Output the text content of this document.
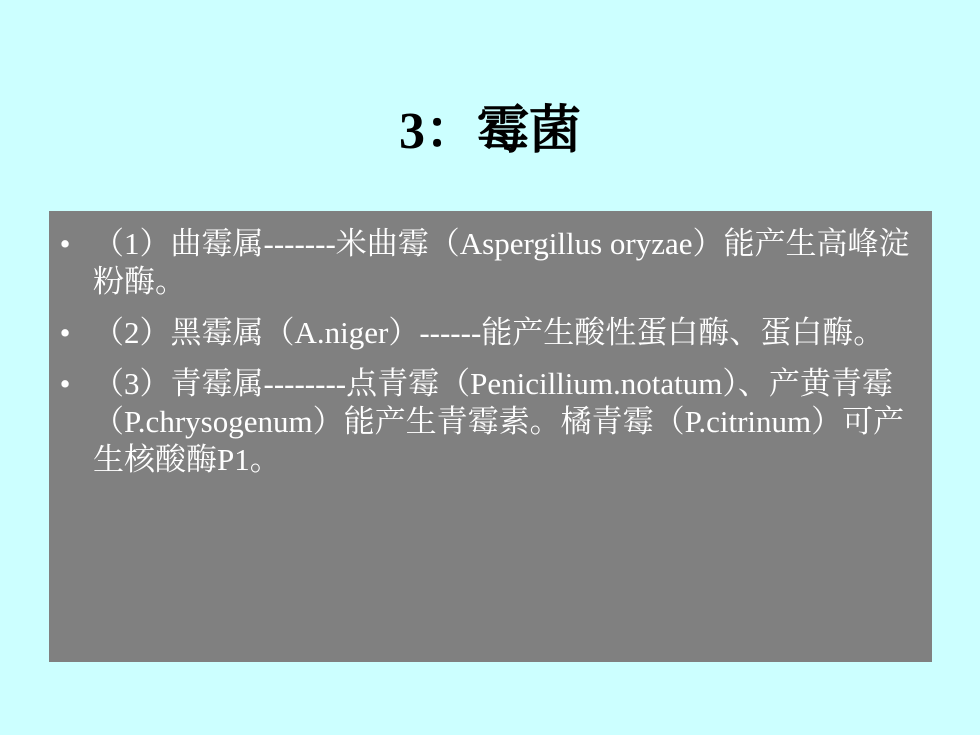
3：霉菌
• （1）曲霉属-------米曲霉（Aspergillus oryzae）能产生高峰淀粉酶。
• （2）黑霉属（A.niger）------能产生酸性蛋白酶、蛋白酶。
• （3）青霉属--------点青霉（Penicillium.notatum）、产黄青霉（P.chrysogenum）能产生青霉素。橘青霉（P.citrinum）可产生核酸酶P1。
